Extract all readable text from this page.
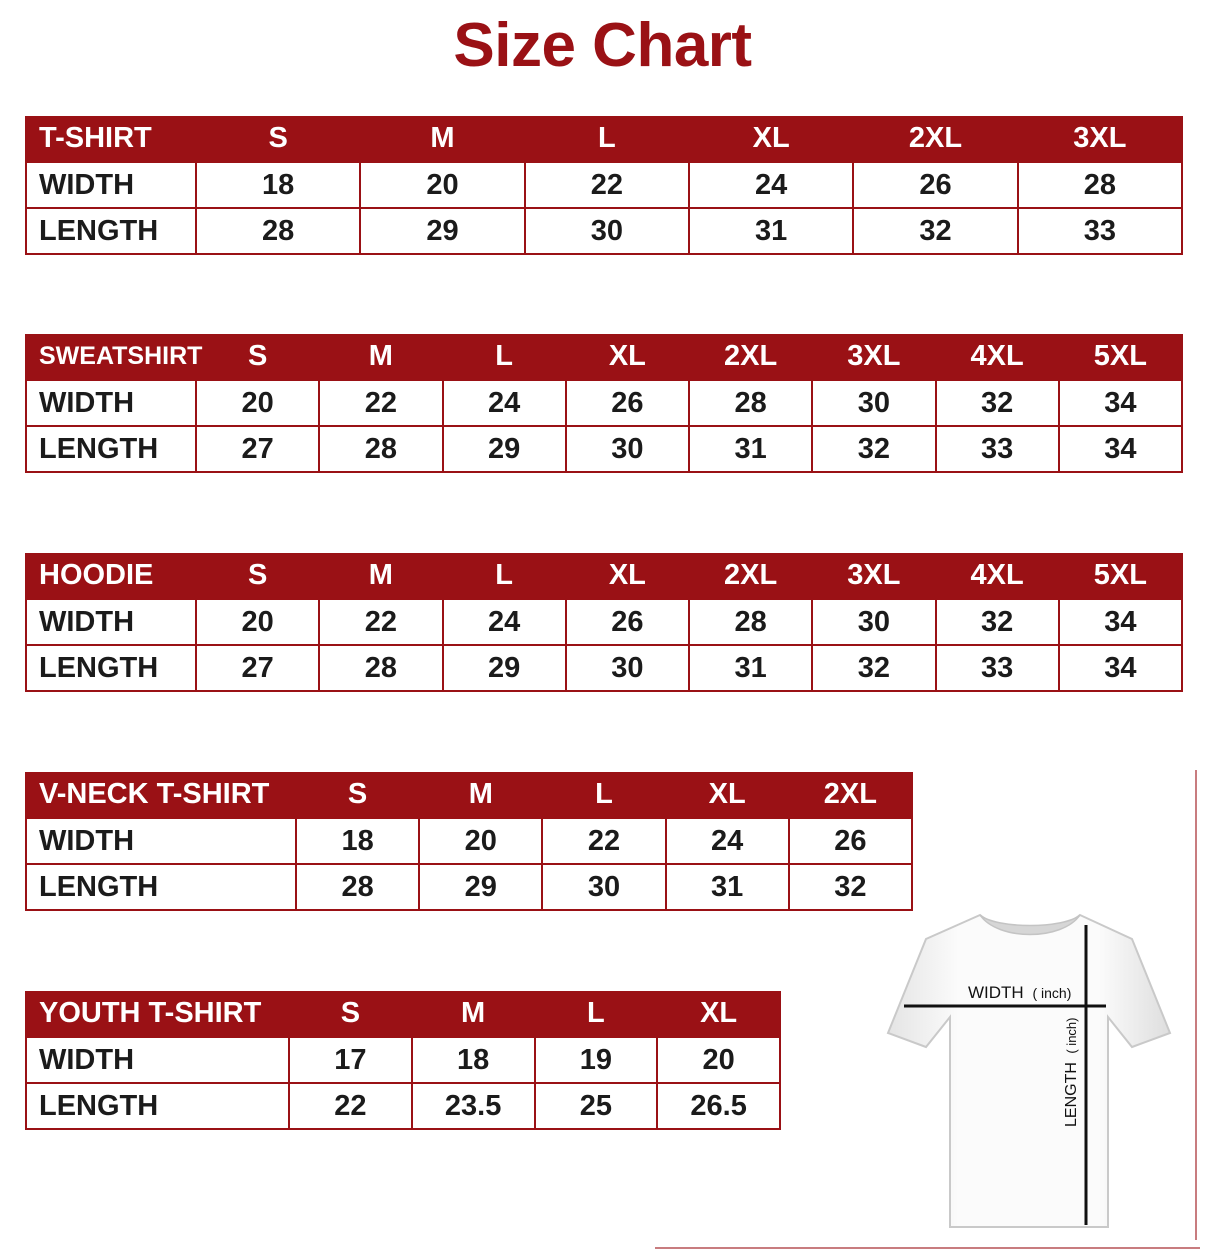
Size Chart
T-SHIRT	S	M	L	XL	2XL	3XL
WIDTH	18	20	22	24	26	28
LENGTH	28	29	30	31	32	33
SWEATSHIRT	S	M	L	XL	2XL	3XL	4XL	5XL
WIDTH	20	22	24	26	28	30	32	34
LENGTH	27	28	29	30	31	32	33	34
HOODIE	S	M	L	XL	2XL	3XL	4XL	5XL
WIDTH	20	22	24	26	28	30	32	34
LENGTH	27	28	29	30	31	32	33	34
V-NECK T-SHIRT	S	M	L	XL	2XL
WIDTH	18	20	22	24	26
LENGTH	28	29	30	31	32
YOUTH T-SHIRT	S	M	L	XL
WIDTH	17	18	19	20
LENGTH	22	23.5	25	26.5
WIDTH ( inch)
LENGTH ( inch)
